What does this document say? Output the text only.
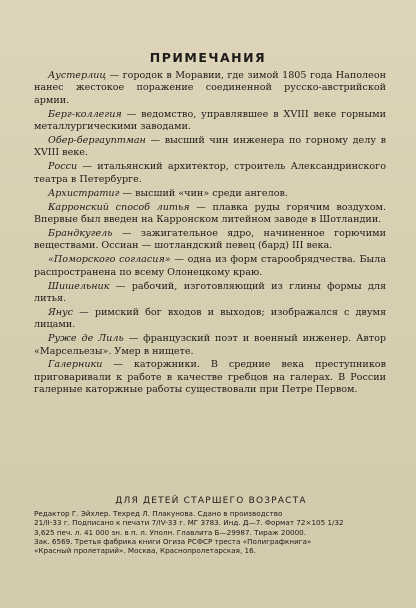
ПРИМЕЧАНИЯ

Аустерлиц — городок в Моравии, где зимой 1805 года Наполеон нанес жестокое поражение соединенной русско-австрийской армии.

Берг-коллегия — ведомство, управлявшее в XVIII веке горными металлургическими заводами.

Обер-бергауптман — высший чин инженера по горному делу в XVIII веке.

Росси — итальянский архитектор, строитель Александринского театра в Петербурге.

Архистратиг — высший «чин» среди ангелов.

Карронский способ литья — плавка руды горячим воздухом. Впервые был введен на Карронском литейном заводе в Шотландии.

Брандкугель — зажигательное ядро, начиненное горючими веществами. Оссиан — шотландский певец (бард) III века.

«Поморского согласия» — одна из форм старообрядчества. Была распространена по всему Олонецкому краю.

Шишельник — рабочий, изготовляющий из глины формы для литья.

Янус — римский бог входов и выходов; изображался с двумя лицами.

Руже де Лиль — французский поэт и военный инженер. Автор «Марсельезы». Умер в нищете.

Галерники — каторжники. В средние века преступников приговаривали к работе в качестве гребцов на галерах. В России галерные каторжные работы существовали при Петре Первом.

ДЛЯ ДЕТЕЙ СТАРШЕГО ВОЗРАСТА
Редактор Г. Эйхлер. Техред Л. Плакунова. Сдано в производство
21/II-33 г. Подписано к печати 7/IV-33 г. МГ 3783. Инд. Д—7. Формат 72×105 1/32
3,625 печ. л. 41 000 зн. в п. л. Уполн. Главлита Б—29987. Тираж 20000.
Зак. 6569. Третья фабрика книги Огиза РСФСР треста «Полиграфкнига»
«Красный пролетарий». Москва, Краснопролетарская, 16.
